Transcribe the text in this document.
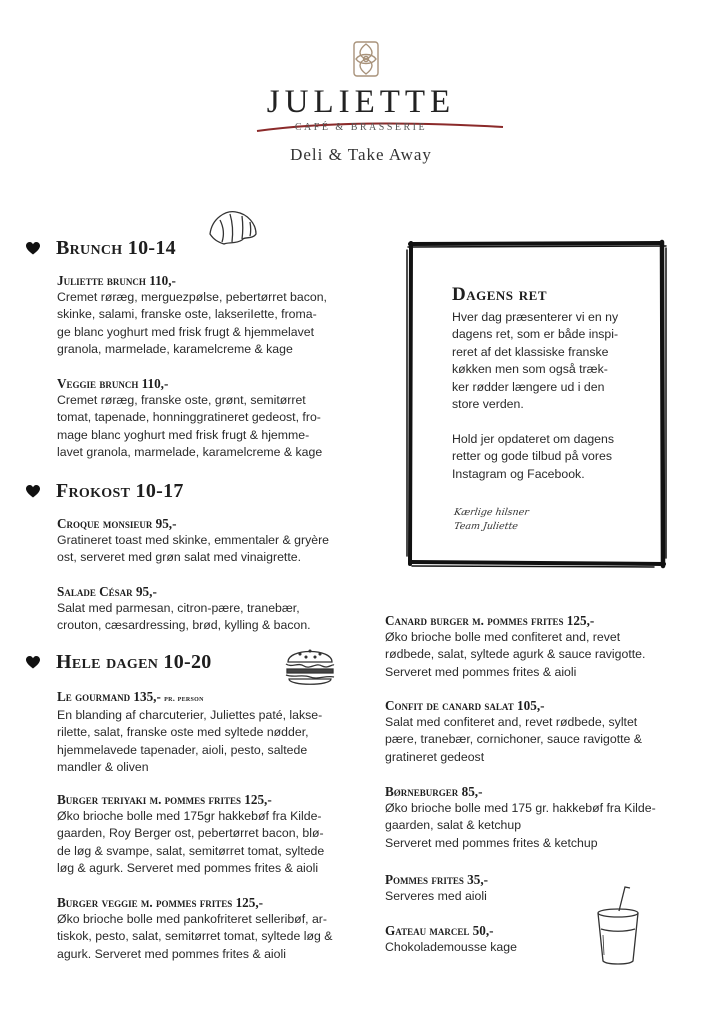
JULIETTE
CAFÉ & BRASSERIE
Deli & Take Away
Brunch 10-14
Juliette brunch 110,-
Cremet røræg, merguezpølse, pebertørret bacon,
skinke, salami, franske oste, lakseriIette, froma-
ge blanc yoghurt med frisk frugt & hjemmelavet
granola, marmelade, karamelcreme & kage
Veggie brunch 110,-
Cremet røræg, franske oste, grønt, semitørret
tomat, tapenade, honninggratineret gedeost, fro-
mage blanc yoghurt med frisk frugt & hjemme-
lavet granola, marmelade, karamelcreme & kage
Frokost 10-17
Croque monsieur 95,-
Gratineret toast med skinke, emmentaler & gryère
ost, serveret med grøn salat med vinaigrette.
Salade César 95,-
Salat med parmesan, citron-pære, tranebær,
crouton, cæsardressing, brød, kylling & bacon.
Hele dagen 10-20
Le gourmand 135,- pr. person
En blanding af charcuterier, Juliettes paté, lakse-
rilette, salat, franske oste med syltede nødder,
hjemmelavede tapenader, aioli, pesto, saltede
mandler & oliven
Burger teriyaki m. pommes frites 125,-
Øko brioche bolle med 175gr hakkebøf fra Kilde-
gaarden, Roy Berger ost, pebertørret bacon, blø-
de løg & svampe, salat, semitørret tomat, syltede
løg & agurk. Serveret med pommes frites & aioli
Burger veggie m. pommes frites 125,-
Øko brioche bolle med pankofriteret selleribøf, ar-
tiskok, pesto, salat, semitørret tomat, syltede løg &
agurk. Serveret med pommes frites & aioli
Dagens ret
Hver dag præsenterer vi en ny
dagens ret, som er både inspi-
reret af det klassiske franske
køkken men som også træk-
ker rødder længere ud i den
store verden.
Hold jer opdateret om dagens
retter og gode tilbud på vores
Instagram og Facebook.
Kærlige hilsner
Team Juliette
Canard burger m. pommes frites 125,-
Øko brioche bolle med confiteret and, revet
rødbede, salat, syltede agurk & sauce ravigotte.
Serveret med pommes frites & aioli
Confit de canard salat 105,-
Salat med confiteret and, revet rødbede, syltet
pære, tranebær, cornichoner, sauce ravigotte &
gratineret gedeost
Børneburger 85,-
Øko brioche bolle med 175 gr. hakkebøf fra Kilde-
gaarden, salat & ketchup
Serveret med pommes frites & ketchup
Pommes frites 35,-
Serveres med aioli
Gateau marcel 50,-
Chokolademousse kage
